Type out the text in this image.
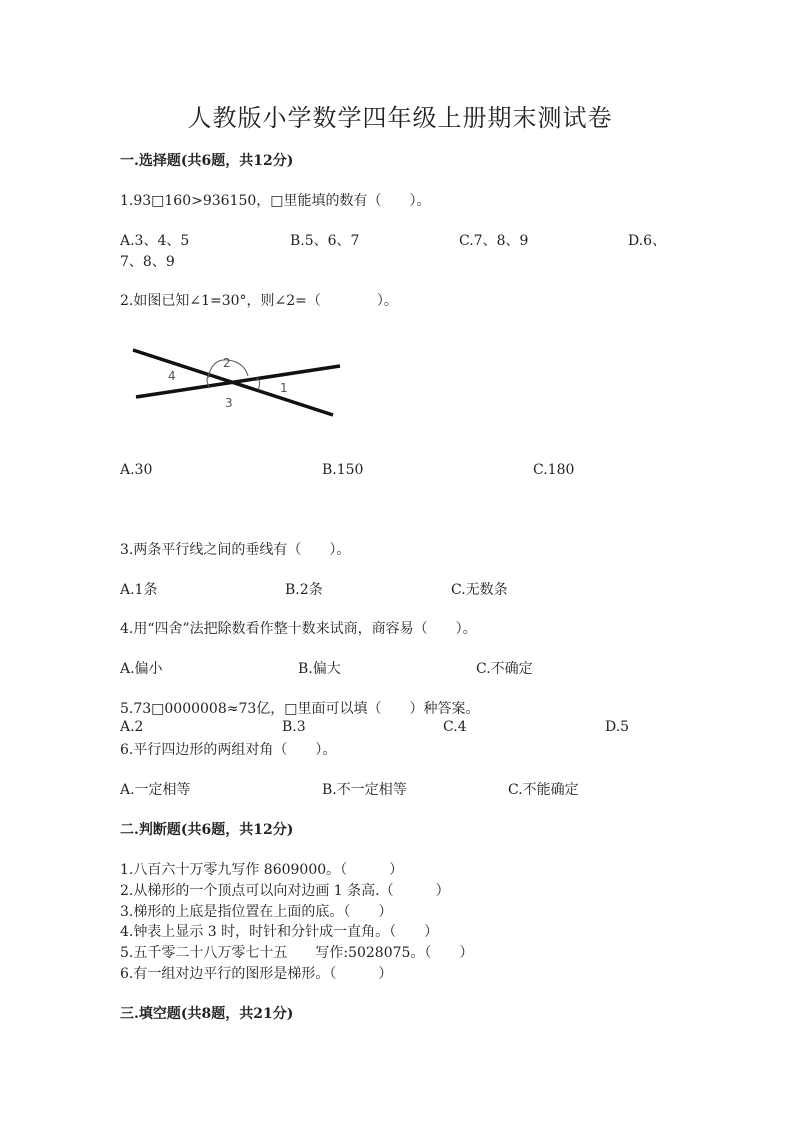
人教版小学数学四年级上册期末测试卷
一.选择题(共6题，共12分)
1.93□160>936150，□里能填的数有（　　）。
A.3、4、5	B.5、6、7	C.7、8、9	D.6、
7、8、9
2.如图已知∠1=30°，则∠2=（　　　　）。
1
2
3
4
A.30	B.150	C.180
3.两条平行线之间的垂线有（　　）。
A.1条	B.2条	C.无数条
4.用“四舍”法把除数看作整十数来试商，商容易（　　）。
A.偏小	B.偏大	C.不确定
5.73□0000008≈73亿，□里面可以填（　　）种答案。
A.2	B.3	C.4	D.5
6.平行四边形的两组对角（　　）。
A.一定相等	B.不一定相等	C.不能确定
二.判断题(共6题，共12分)
1.八百六十万零九写作 8609000。（　　　）
2.从梯形的一个顶点可以向对边画 1 条高.（　　　）
3.梯形的上底是指位置在上面的底。（　　）
4.钟表上显示 3 时，时针和分针成一直角。（　　）
5.五千零二十八万零七十五　　写作:5028075。（　　）
6.有一组对边平行的图形是梯形。（　　　）
三.填空题(共8题，共21分)
